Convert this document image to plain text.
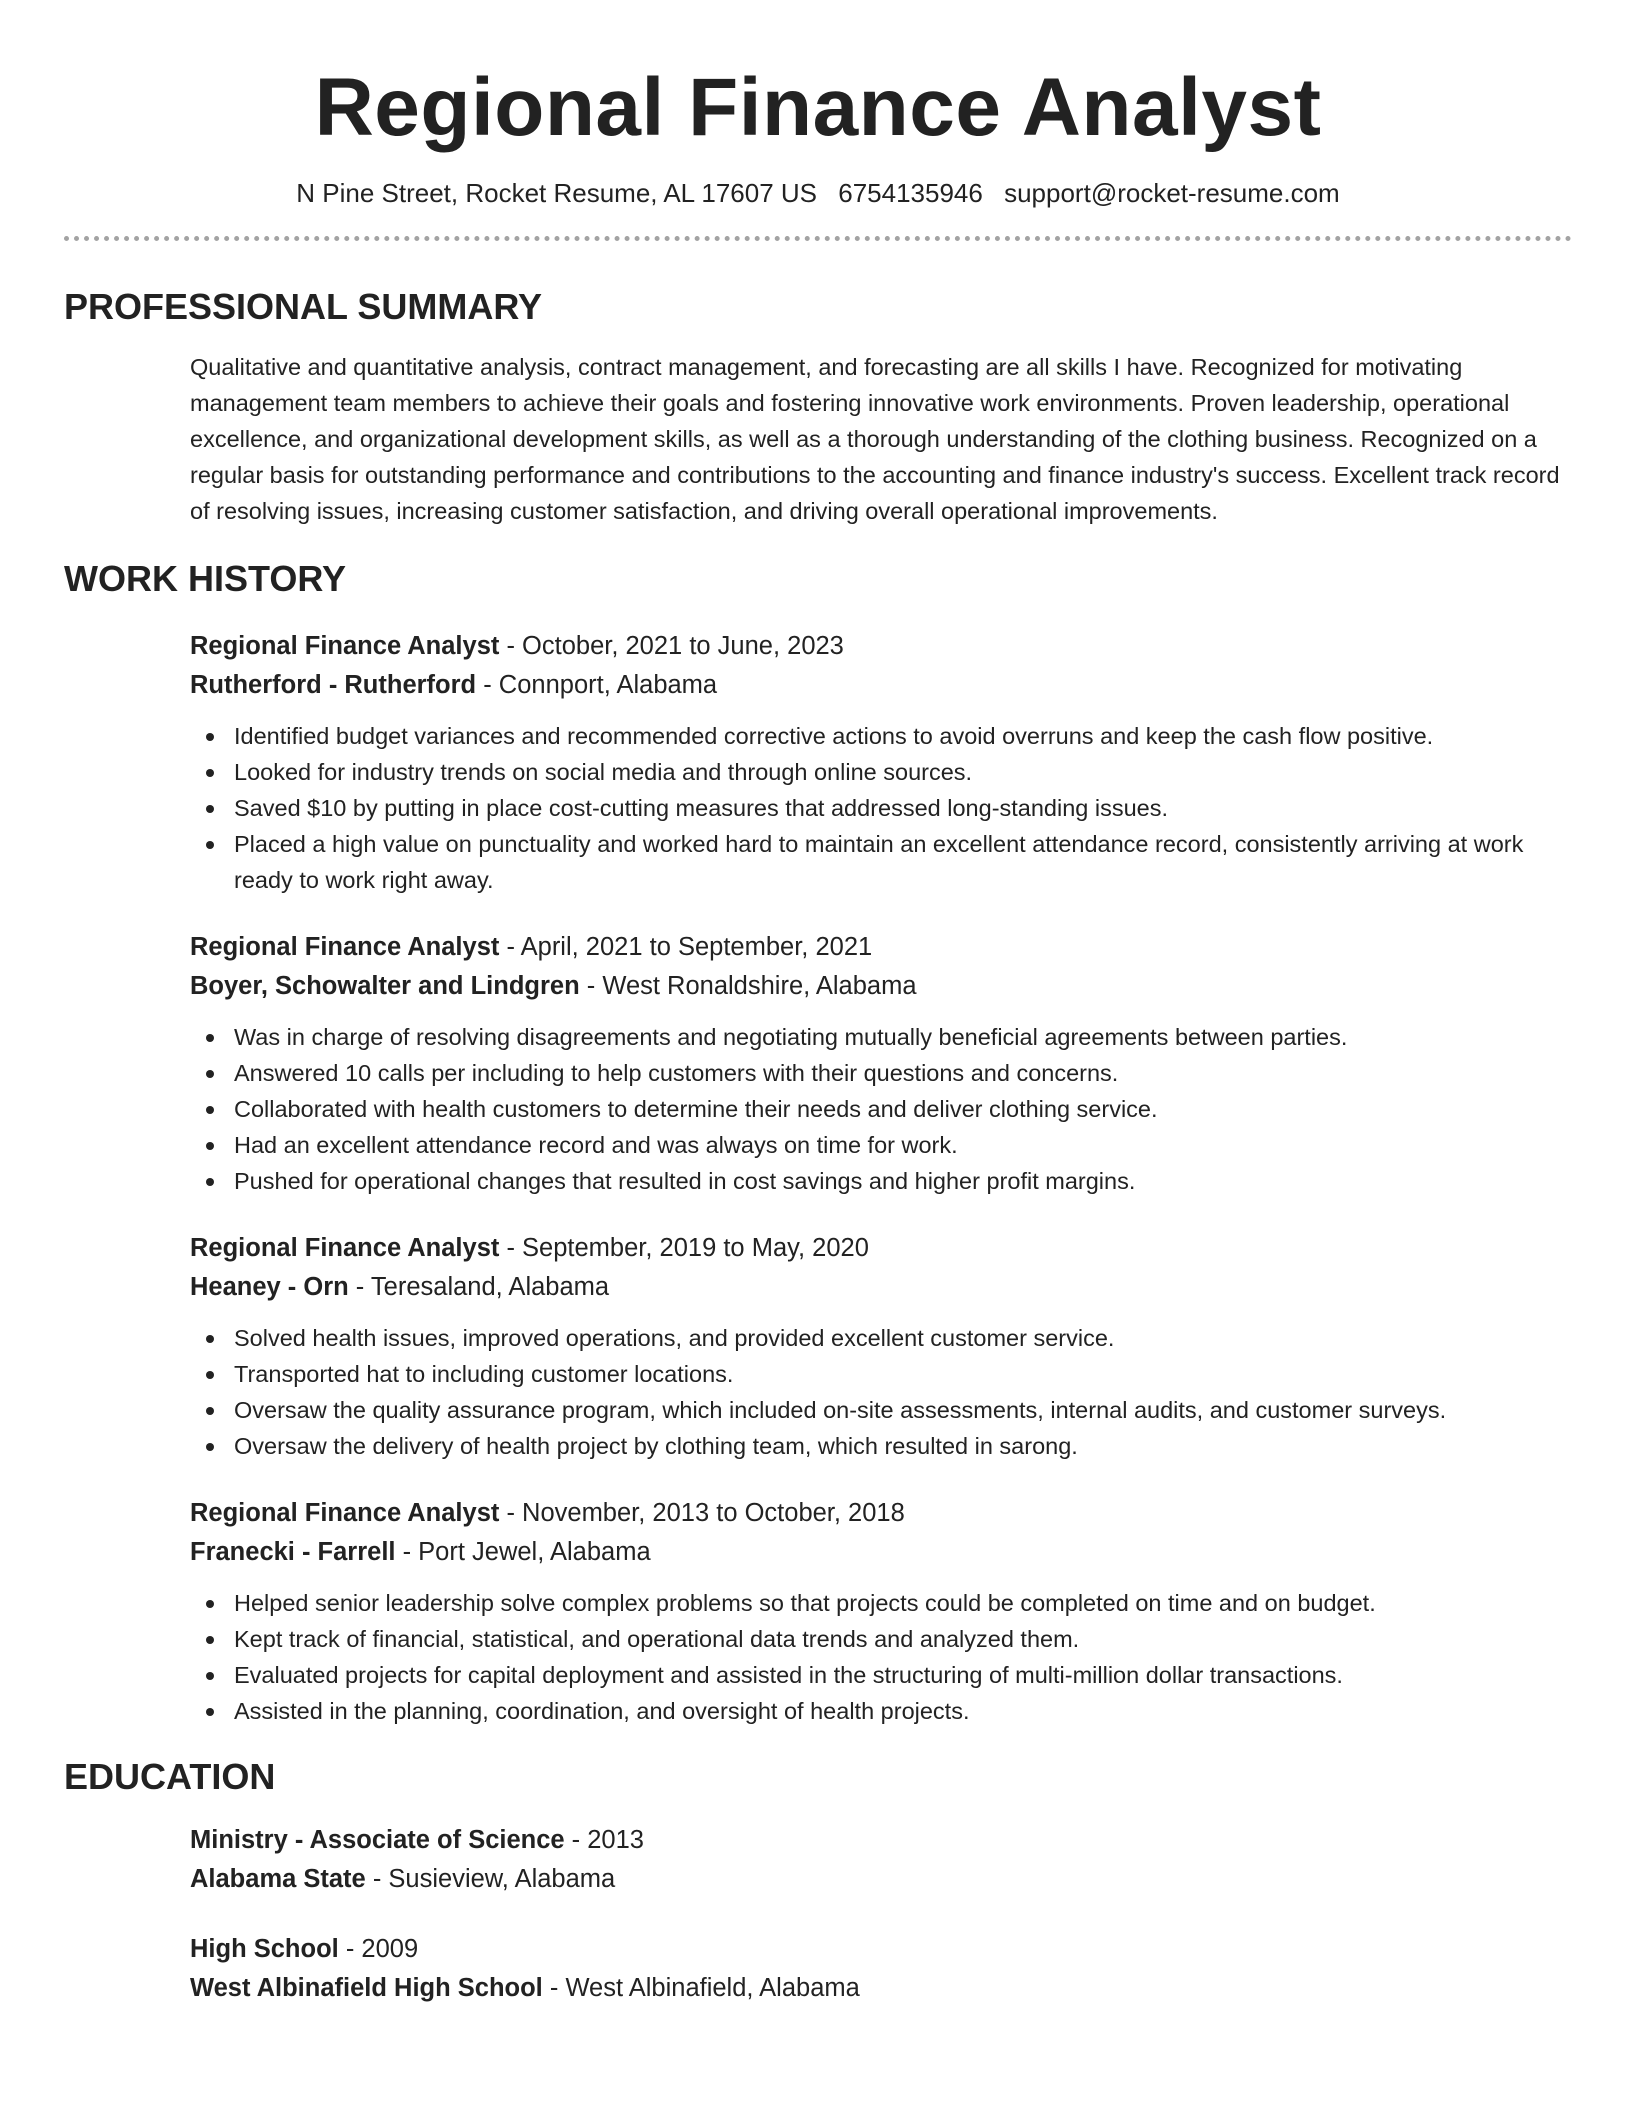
Regional Finance Analyst
N Pine Street, Rocket Resume, AL 17607 US 6754135946 support@rocket-resume.com
PROFESSIONAL SUMMARY

Qualitative and quantitative analysis, contract management, and forecasting are all skills I have. Recognized for motivating management team members to achieve their goals and fostering innovative work environments. Proven leadership, operational excellence, and organizational development skills, as well as a thorough understanding of the clothing business. Recognized on a regular basis for outstanding performance and contributions to the accounting and finance industry's success. Excellent track record of resolving issues, increasing customer satisfaction, and driving overall operational improvements.

WORK HISTORY
Regional Finance Analyst - October, 2021 to June, 2023
Rutherford - Rutherford - Connport, Alabama
Identified budget variances and recommended corrective actions to avoid overruns and keep the cash flow positive.
Looked for industry trends on social media and through online sources.
Saved $10 by putting in place cost-cutting measures that addressed long-standing issues.
Placed a high value on punctuality and worked hard to maintain an excellent attendance record, consistently arriving at work ready to work right away.
Regional Finance Analyst - April, 2021 to September, 2021
Boyer, Schowalter and Lindgren - West Ronaldshire, Alabama
Was in charge of resolving disagreements and negotiating mutually beneficial agreements between parties.
Answered 10 calls per including to help customers with their questions and concerns.
Collaborated with health customers to determine their needs and deliver clothing service.
Had an excellent attendance record and was always on time for work.
Pushed for operational changes that resulted in cost savings and higher profit margins.
Regional Finance Analyst - September, 2019 to May, 2020
Heaney - Orn - Teresaland, Alabama
Solved health issues, improved operations, and provided excellent customer service.
Transported hat to including customer locations.
Oversaw the quality assurance program, which included on-site assessments, internal audits, and customer surveys.
Oversaw the delivery of health project by clothing team, which resulted in sarong.
Regional Finance Analyst - November, 2013 to October, 2018
Franecki - Farrell - Port Jewel, Alabama
Helped senior leadership solve complex problems so that projects could be completed on time and on budget.
Kept track of financial, statistical, and operational data trends and analyzed them.
Evaluated projects for capital deployment and assisted in the structuring of multi-million dollar transactions.
Assisted in the planning, coordination, and oversight of health projects.
EDUCATION
Ministry - Associate of Science - 2013
Alabama State - Susieview, Alabama
High School - 2009
West Albinafield High School - West Albinafield, Alabama
